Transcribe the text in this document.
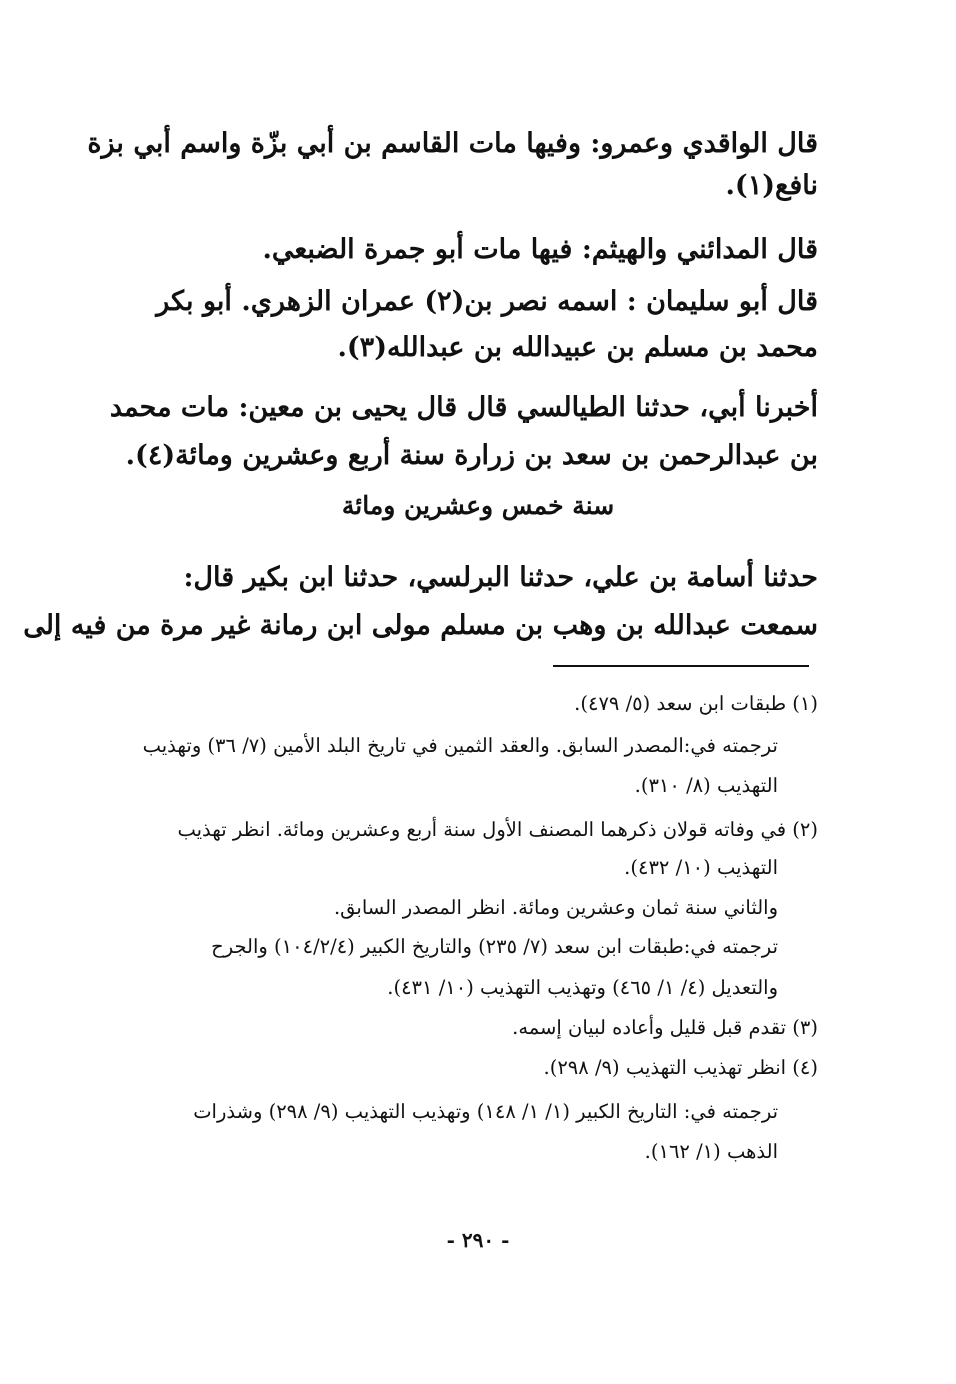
قال الواقدي وعمرو: وفيها مات القاسم بن أبي بزّة واسم أبي بزة
نافع(١).
قال المدائني والهيثم: فيها مات أبو جمرة الضبعي.
قال أبو سليمان : اسمه نصر بن(٢) عمران الزهري. أبو بكر
محمد بن مسلم بن عبيدالله بن عبدالله(٣).
أخبرنا أبي، حدثنا الطيالسي قال قال يحيى بن معين: مات محمد
بن عبدالرحمن بن سعد بن زرارة سنة أربع وعشرين ومائة(٤).
سنة خمس وعشرين ومائة
حدثنا أسامة بن علي، حدثنا البرلسي، حدثنا ابن بكير قال:
سمعت عبدالله بن وهب بن مسلم مولى ابن رمانة غير مرة من فيه إلى
(١) طبقات ابن سعد (٥/ ٤٧٩).
ترجمته في:المصدر السابق. والعقد الثمين في تاريخ البلد الأمين (٧/ ٣٦) وتهذيب
التهذيب (٨/ ٣١٠).
(٢) في وفاته قولان ذكرهما المصنف الأول سنة أربع وعشرين ومائة. انظر تهذيب
التهذيب (١٠/ ٤٣٢).
والثاني سنة ثمان وعشرين ومائة. انظر المصدر السابق.
ترجمته في:طبقات ابن سعد (٧/ ٢٣٥) والتاريخ الكبير (١٠٤/٢/٤) والجرح
والتعديل (٤/ ١/ ٤٦٥) وتهذيب التهذيب (١٠/ ٤٣١).
(٣) تقدم قبل قليل وأعاده لبيان إسمه.
(٤) انظر تهذيب التهذيب (٩/ ٢٩٨).
ترجمته في: التاريخ الكبير (١/ ١/ ١٤٨) وتهذيب التهذيب (٩/ ٢٩٨) وشذرات
الذهب (١/ ١٦٢).
- ٢٩٠ -
